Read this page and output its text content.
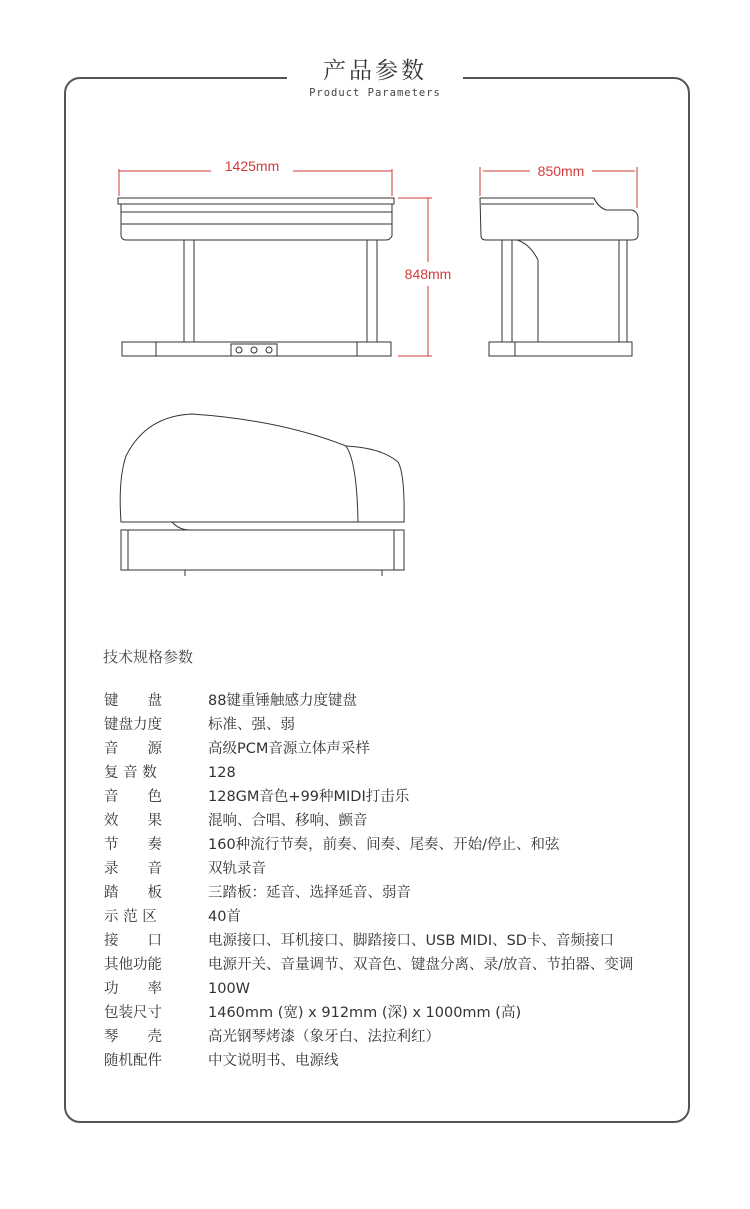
产品参数
Product Parameters
1425mm
848mm
850mm
技术规格参数
键　　盘	88键重锤触感力度键盘
键盘力度	标准、强、弱
音　　源	高级PCM音源立体声采样
复 音 数	128
音　　色	128GM音色+99种MIDI打击乐
效　　果	混响、合唱、移响、颤音
节　　奏	160种流行节奏，前奏、间奏、尾奏、开始/停止、和弦
录　　音	双轨录音
踏　　板	三踏板：延音、选择延音、弱音
示 范 区	40首
接　　口	电源接口、耳机接口、脚踏接口、USB MIDI、SD卡、音频接口
其他功能	电源开关、音量调节、双音色、键盘分离、录/放音、节拍器、变调
功　　率	100W
包装尺寸	1460mm (宽) x 912mm (深) x 1000mm (高)
琴　　壳	高光钢琴烤漆（象牙白、法拉利红）
随机配件	中文说明书、电源线
